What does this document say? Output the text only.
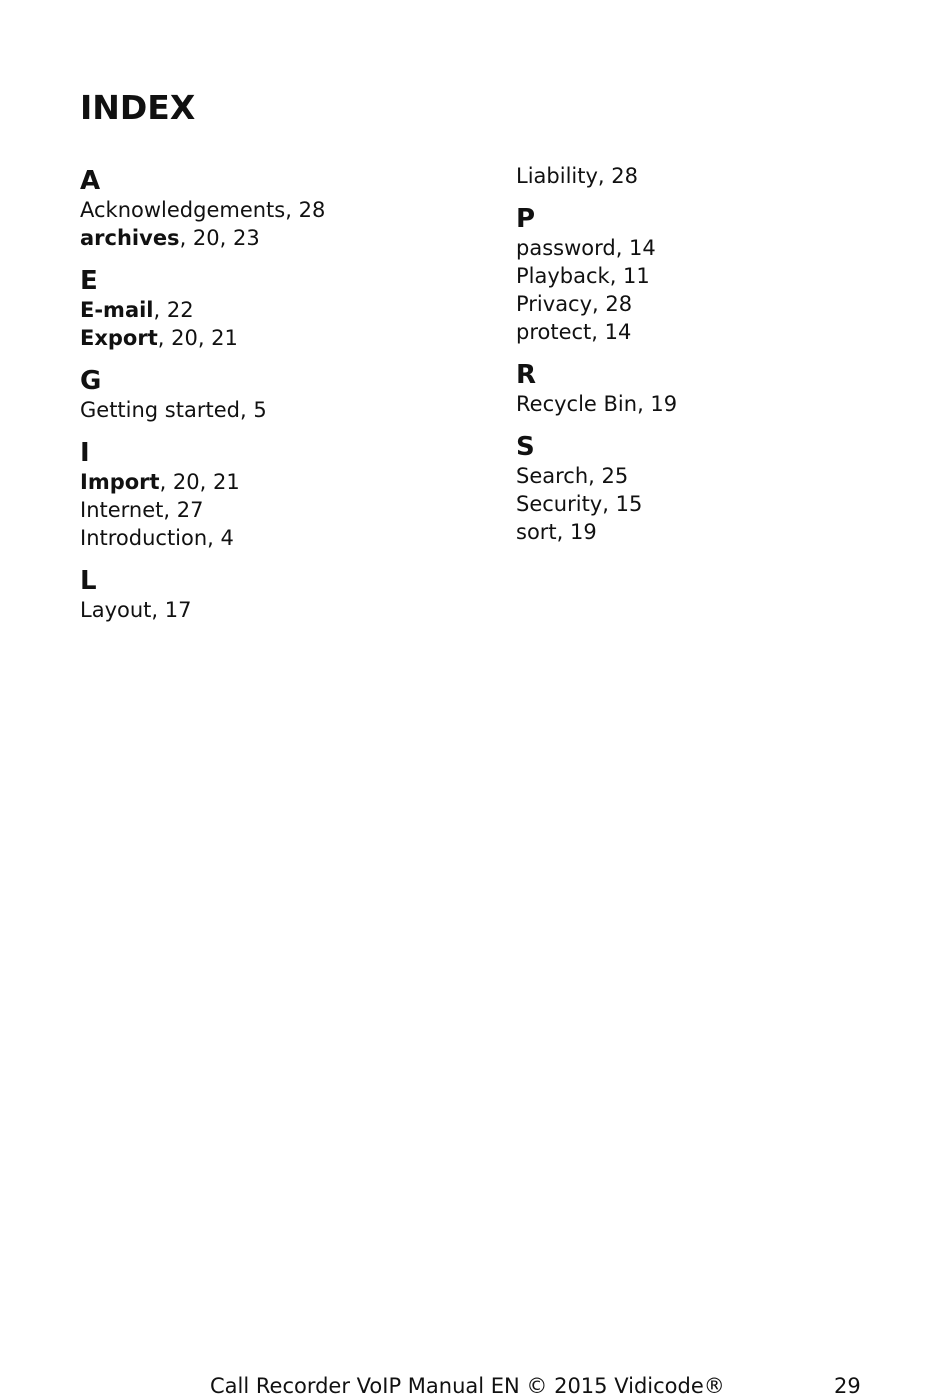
INDEX
A
Acknowledgements, 28
archives, 20, 23
E
E-mail, 22
Export, 20, 21
G
Getting started, 5
I
Import, 20, 21
Internet, 27
Introduction, 4
L
Layout, 17
Liability, 28
P
password, 14
Playback, 11
Privacy, 28
protect, 14
R
Recycle Bin, 19
S
Search, 25
Security, 15
sort, 19
Call Recorder VoIP Manual EN © 2015 Vidicode®	29
